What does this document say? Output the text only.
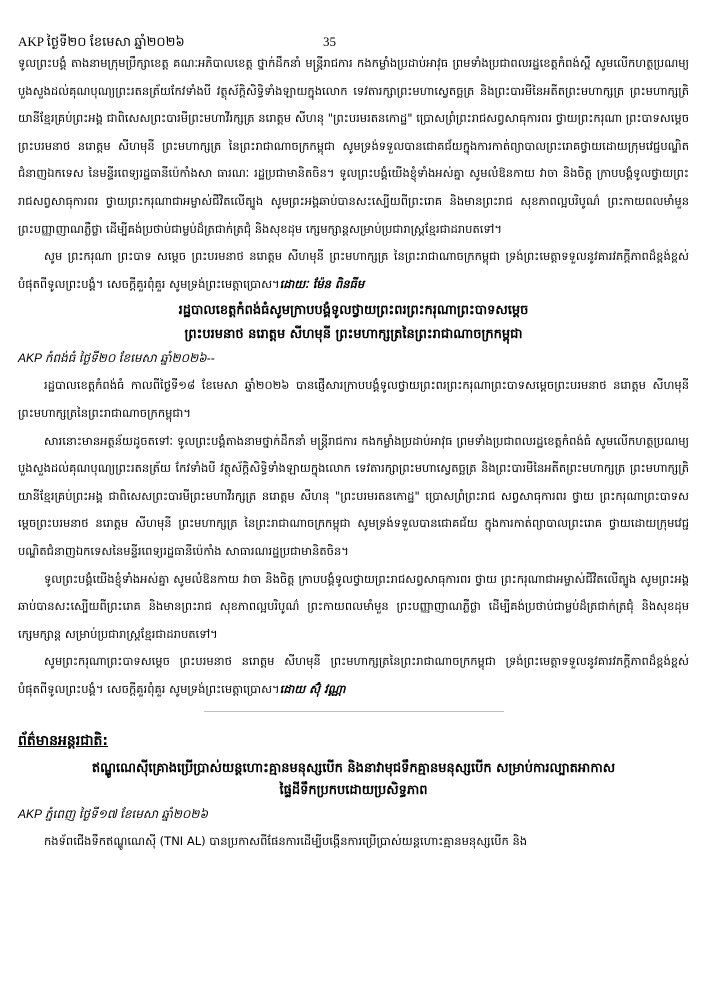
AKP ថ្ងៃទី២០ ខែមេសា ឆ្នាំ២០២៦	35

ទូលព្រះបង្គំ តាងនាមក្រុមប្រឹក្សាខេត្ត គណៈអភិបាលខេត្ត ថ្នាក់ដឹកនាំ មន្ត្រីរាជការ កងកម្លាំងប្រដាប់អាវុធ ព្រមទាំងប្រជាពលរដ្ឋខេត្តកំពង់ស្ពឺ សូមលើកហត្ថប្រណម្យ បួងសួងដល់គុណបុណ្យព្រះរតនត្រ័យកែវទាំងបី វត្ថុស័ក្តិសិទ្ធិទាំងឡាយក្នុងលោក ទេវតារក្សាព្រះមហាស្វេតច្ឆត្រ និងព្រះបារមីនៃអតីតព្រះមហាក្សត្រ ព្រះមហាក្សត្រិយានីខ្មែរគ្រប់ព្រះអង្គ ជាពិសេសព្រះបារមីព្រះមហាវីរក្សត្រ នរោត្តម សីហនុ "ព្រះបរមរតនកោដ្ឋ" ប្រោសព្រំព្រះរាជសព្វសាធុការពរ ថ្វាយព្រះករុណា ព្រះបាទសម្តេច ព្រះបរមនាថ នរោត្តម សីហមុនី ព្រះមហាក្សត្រ នៃព្រះរាជាណាចក្រកម្ពុជា សូមទ្រង់ទទួលបានជោគជ័យក្នុងការកាត់ព្យាបាលព្រះរោគថ្វាយដោយក្រុមវេជ្ជបណ្ឌិតជំនាញឯកទេស នៃមន្ទីរពេទ្យរដ្ឋធានីប៉េកាំងសា ធារណៈ រដ្ឋប្រជាមានិតចិន។ ទូលព្រះបង្គំយើងខ្ញុំទាំងអស់គ្នា សូមលំឱនកាយ វាចា និងចិត្ត ក្រាបបង្គំទូលថ្វាយព្រះរាជសព្វសាធុការពរ ថ្វាយព្រះករុណាជាអម្ចាស់ជីវិតលើត្បូង សូមព្រះអង្គឆាប់បានសះស្បើយពីព្រះរោគ និងមានព្រះរាជ សុខភាពល្អបរិបូណ៌ ព្រះកាយពលមាំមួន ព្រះបញ្ញាញាណភ្លឺថ្លា ដើម្បីគង់ប្រថាប់ជាម្លប់ដ៏ត្រជាក់ត្រជុំ និងសុខដុម ក្សេមក្សាន្តសម្រាប់ប្រជារាស្ត្រខ្មែរជាដរាបតទៅ។

សូម ព្រះករុណា ព្រះបាទ សម្តេច ព្រះបរមនាថ នរោត្តម សីហមុនី ព្រះមហាក្សត្រ នៃព្រះរាជាណាចក្រកម្ពុជា ទ្រង់ព្រះមេត្តាទទួលនូវគារវភក្តីភាពដ៏ខ្ពង់ខ្ពស់បំផុតពីទូលព្រះបង្គំ។ សេចក្តីគួរពុំគួរ សូមទ្រង់ព្រះមេត្តាប្រោស។ដោយៈ ម៉ែន ពិនធីម

រដ្ឋបាលខេត្តកំពង់ធំសូមក្រាបបង្គំទូលថ្វាយព្រះពរព្រះករុណាព្រះបាទសម្តេច
ព្រះបរមនាថ នរោត្តម សីហមុនី ព្រះមហាក្សត្រនៃព្រះរាជាណាចក្រកម្ពុជា
AKP កំពង់ធំ ថ្ងៃទី២០ ខែមេសា ឆ្នាំ២០២៦--

រដ្ឋបាលខេត្តកំពង់ធំ កាលពីថ្ងៃទី១៨ ខែមេសា ឆ្នាំ២០២៦ បានផ្ញើសារក្រាបបង្គំទូលថ្វាយព្រះពរព្រះករុណាព្រះបាទសម្តេចព្រះបរមនាថ នរោត្តម សីហមុនី ព្រះមហាក្សត្រនៃព្រះរាជាណាចក្រកម្ពុជា។

សារនោះមានអត្ថន័យដូចតទៅៈ ទូលព្រះបង្គំតាងនាមថ្នាក់ដឹកនាំ មន្ត្រីរាជការ កងកម្លាំងប្រដាប់អាវុធ ព្រមទាំងប្រជាពលរដ្ឋខេត្តកំពង់ធំ សូមលើកហត្ថប្រណម្យ បួងសួងដល់គុណបុណ្យព្រះរតនត្រ័យ កែវទាំងបី វត្ថុស័ក្តិសិទ្ធិទាំងឡាយក្នុងលោក ទេវតារក្សាព្រះមហាស្វេតច្ឆត្រ និងព្រះបារមីនៃអតីតព្រះមហាក្សត្រ ព្រះមហាក្សត្រិយានីខ្មែរគ្រប់ព្រះអង្គ ជាពិសេសព្រះបារមីព្រះមហាវីរក្សត្រ នរោត្តម សីហនុ "ព្រះបរមរតនកោដ្ឋ" ប្រោសព្រំព្រះរាជ សព្វសាធុការពរ ថ្វាយ ព្រះករុណាព្រះបាទសម្តេចព្រះបរមនាថ នរោត្តម សីហមុនី ព្រះមហាក្សត្រ នៃព្រះរាជាណាចក្រកម្ពុជា សូមទ្រង់ទទួលបានជោគជ័យ ក្នុងការកាត់ព្យាបាលព្រះរោគ ថ្វាយដោយក្រុមវេជ្ជបណ្ឌិតជំនាញឯកទេសនៃមន្ទីរពេទ្យរដ្ឋធានីប៉េកាំង សាធារណរដ្ឋប្រជាមានិតចិន។

ទូលព្រះបង្គំយើងខ្ញុំទាំងអស់គ្នា សូមលំឱនកាយ វាចា និងចិត្ត ក្រាបបង្គំទូលថ្វាយព្រះរាជសព្វសាធុការពរ ថ្វាយ ព្រះករុណាជាអម្ចាស់ជីវិតលើត្បូង សូមព្រះអង្គឆាប់បានសះស្បើយពីព្រះរោគ និងមានព្រះរាជ សុខភាពល្អបរិបូណ៌ ព្រះកាយពលមាំមួន ព្រះបញ្ញាញាណភ្លឺថ្លា ដើម្បីគង់ប្រថាប់ជាម្លប់ដ៏ត្រជាក់ត្រជុំ និងសុខដុម ក្សេមក្សាន្ត សម្រាប់ប្រជារាស្ត្រខ្មែរជាដរាបតទៅ។

សូមព្រះករុណាព្រះបាទសម្តេច ព្រះបរមនាថ នរោត្តម សីហមុនី ព្រះមហាក្សត្រនៃព្រះរាជាណាចក្រកម្ពុជា ទ្រង់ព្រះមេត្តាទទួលនូវគារវភក្តីភាពដ៏ខ្ពង់ខ្ពស់បំផុតពីទូលព្រះបង្គំ។ សេចក្តីគួរពុំគួរ សូមទ្រង់ព្រះមេត្តាប្រោស។ដោយ ស៊ុំ វណ្ណា

ព័ត៌មានអន្តរជាតិ:
ឥណ្ឌូណេស៊ីគ្រោងប្រើប្រាស់យន្តហោះគ្មានមនុស្សបើក និងនាវាមុជទឹកគ្មានមនុស្សបើក សម្រាប់ការល្បាតអាកាស
ផ្ទៃដីទឹកប្រកបដោយប្រសិទ្ធភាព
AKP ភ្នំពេញ ថ្ងៃទី១៧ ខែមេសា ឆ្នាំ២០២៦

កងទ័ពជើងទឹកឥណ្ឌូណេស៊ី (TNI AL) បានប្រកាសពីផែនការដើម្បីបង្កើនការប្រើប្រាស់យន្តហោះគ្មានមនុស្សបើក និង
